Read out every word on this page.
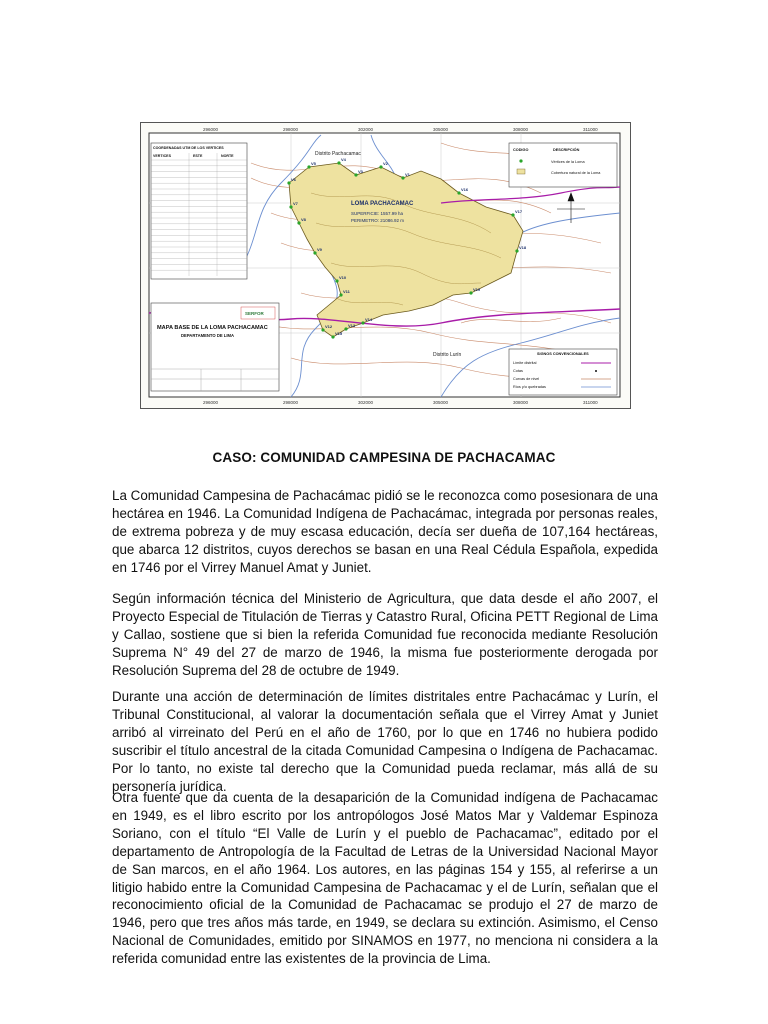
V1
V2
V3
V4
V5
V6
V7
V8
V9
V10
V11
V12	V13
V14
V15
V16
V17
V18
V19
LOMA PACHACAMAC
SUPERFICIE: 1557.99 ha
PERIMETRO: 21086.92 m
Distrito Pachacamac
Distrito Lurín
296000	298000	302000	305000	308000	311000
296000	298000	302000	305000	308000	311000
COORDENADAS UTM DE LOS VERTICES
VERTICES	ESTE	NORTE
SERFOR
MAPA BASE DE LA LOMA PACHACAMAC
DEPARTAMENTO DE LIMA
CODIGO	DESCRIPCIÓN
Vértices de la Loma
Cobertura natural de la Loma
SIGNOS CONVENCIONALES
Límite distrital
Cotas
Curvas de nivel
Ríos y/o quebradas
CASO: COMUNIDAD CAMPESINA DE PACHACAMAC

La Comunidad Campesina de Pachacámac pidió se le reconozca como posesionara de una hectárea en 1946. La Comunidad Indígena de Pachacámac, integrada por personas reales, de extrema pobreza y de muy escasa educación, decía ser dueña de 107,164 hectáreas, que abarca 12 distritos, cuyos derechos se basan en una Real Cédula Española, expedida en 1746 por el Virrey Manuel Amat y Juniet.

Según información técnica del Ministerio de Agricultura, que data desde el año 2007, el Proyecto Especial de Titulación de Tierras y Catastro Rural, Oficina PETT Regional de Lima y Callao, sostiene que si bien la referida Comunidad fue reconocida mediante Resolución Suprema N° 49 del 27 de marzo de 1946, la misma fue posteriormente derogada por Resolución Suprema del 28 de octubre de 1949.

Durante una acción de determinación de límites distritales entre Pachacámac y Lurín, el Tribunal Constitucional, al valorar la documentación señala que el Virrey Amat y Juniet arribó al virreinato del Perú en el año de 1760, por lo que en 1746 no hubiera podido suscribir el título ancestral de la citada Comunidad Campesina o Indígena de Pachacamac. Por lo tanto, no existe tal derecho que la Comunidad pueda reclamar, más allá de su personería jurídica.

Otra fuente que da cuenta de la desaparición de la Comunidad indígena de Pachacamac en 1949, es el libro escrito por los antropólogos José Matos Mar y Valdemar Espinoza Soriano, con el título “El Valle de Lurín y el pueblo de Pachacamac”, editado por el departamento de Antropología de la Facultad de Letras de la Universidad Nacional Mayor de San marcos, en el año 1964. Los autores, en las páginas 154 y 155, al referirse a un litigio habido entre la Comunidad Campesina de Pachacamac y el de Lurín, señalan que el reconocimiento oficial de la Comunidad de Pachacamac se produjo el 27 de marzo de 1946, pero que tres años más tarde, en 1949, se declara su extinción. Asimismo, el Censo Nacional de Comunidades, emitido por SINAMOS en 1977, no menciona ni considera a la referida comunidad entre las existentes de la provincia de Lima.
